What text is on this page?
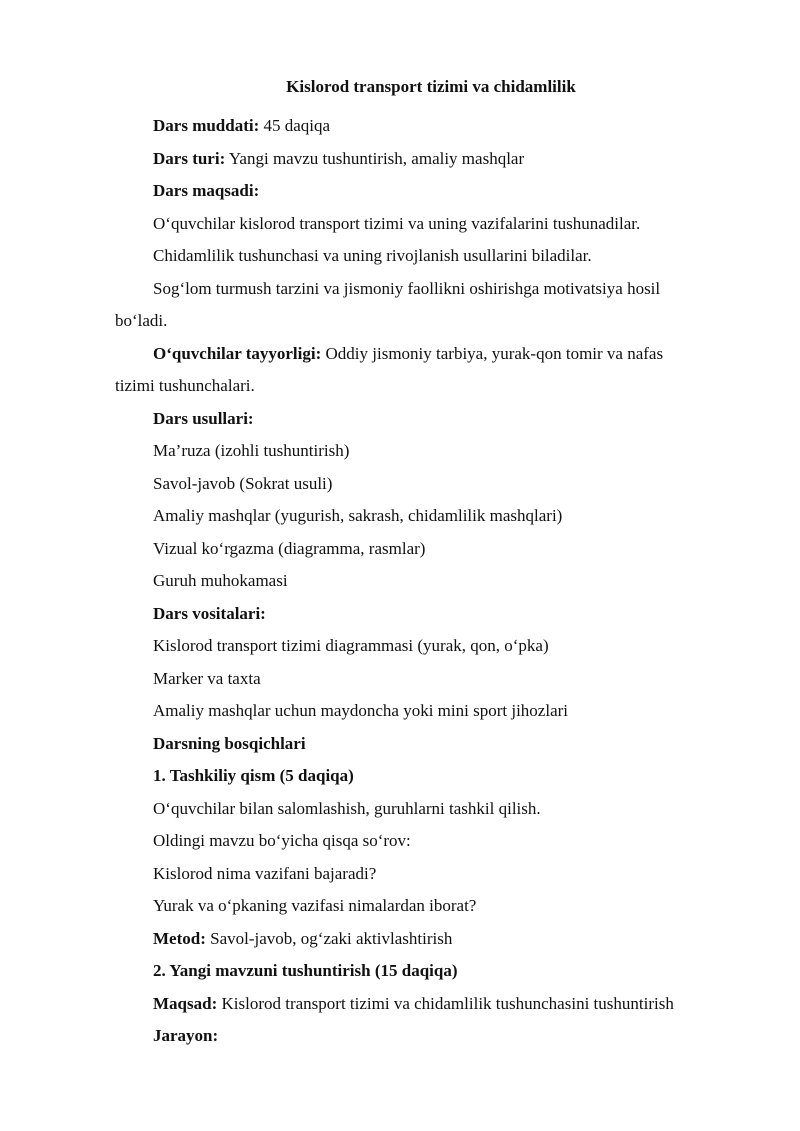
Kislorod transport tizimi va chidamlilik

Dars muddati: 45 daqiqa

Dars turi: Yangi mavzu tushuntirish, amaliy mashqlar

Dars maqsadi:

O‘quvchilar kislorod transport tizimi va uning vazifalarini tushunadilar.

Chidamlilik tushunchasi va uning rivojlanish usullarini biladilar.

Sog‘lom turmush tarzini va jismoniy faollikni oshirishga motivatsiya hosil

bo‘ladi.

O‘quvchilar tayyorligi: Oddiy jismoniy tarbiya, yurak-qon tomir va nafas

tizimi tushunchalari.

Dars usullari:

Ma’ruza (izohli tushuntirish)

Savol-javob (Sokrat usuli)

Amaliy mashqlar (yugurish, sakrash, chidamlilik mashqlari)

Vizual ko‘rgazma (diagramma, rasmlar)

Guruh muhokamasi

Dars vositalari:

Kislorod transport tizimi diagrammasi (yurak, qon, o‘pka)

Marker va taxta

Amaliy mashqlar uchun maydoncha yoki mini sport jihozlari

Darsning bosqichlari

1. Tashkiliy qism (5 daqiqa)

O‘quvchilar bilan salomlashish, guruhlarni tashkil qilish.

Oldingi mavzu bo‘yicha qisqa so‘rov:

Kislorod nima vazifani bajaradi?

Yurak va o‘pkaning vazifasi nimalardan iborat?

Metod: Savol-javob, og‘zaki aktivlashtirish

2. Yangi mavzuni tushuntirish (15 daqiqa)

Maqsad: Kislorod transport tizimi va chidamlilik tushunchasini tushuntirish

Jarayon:
